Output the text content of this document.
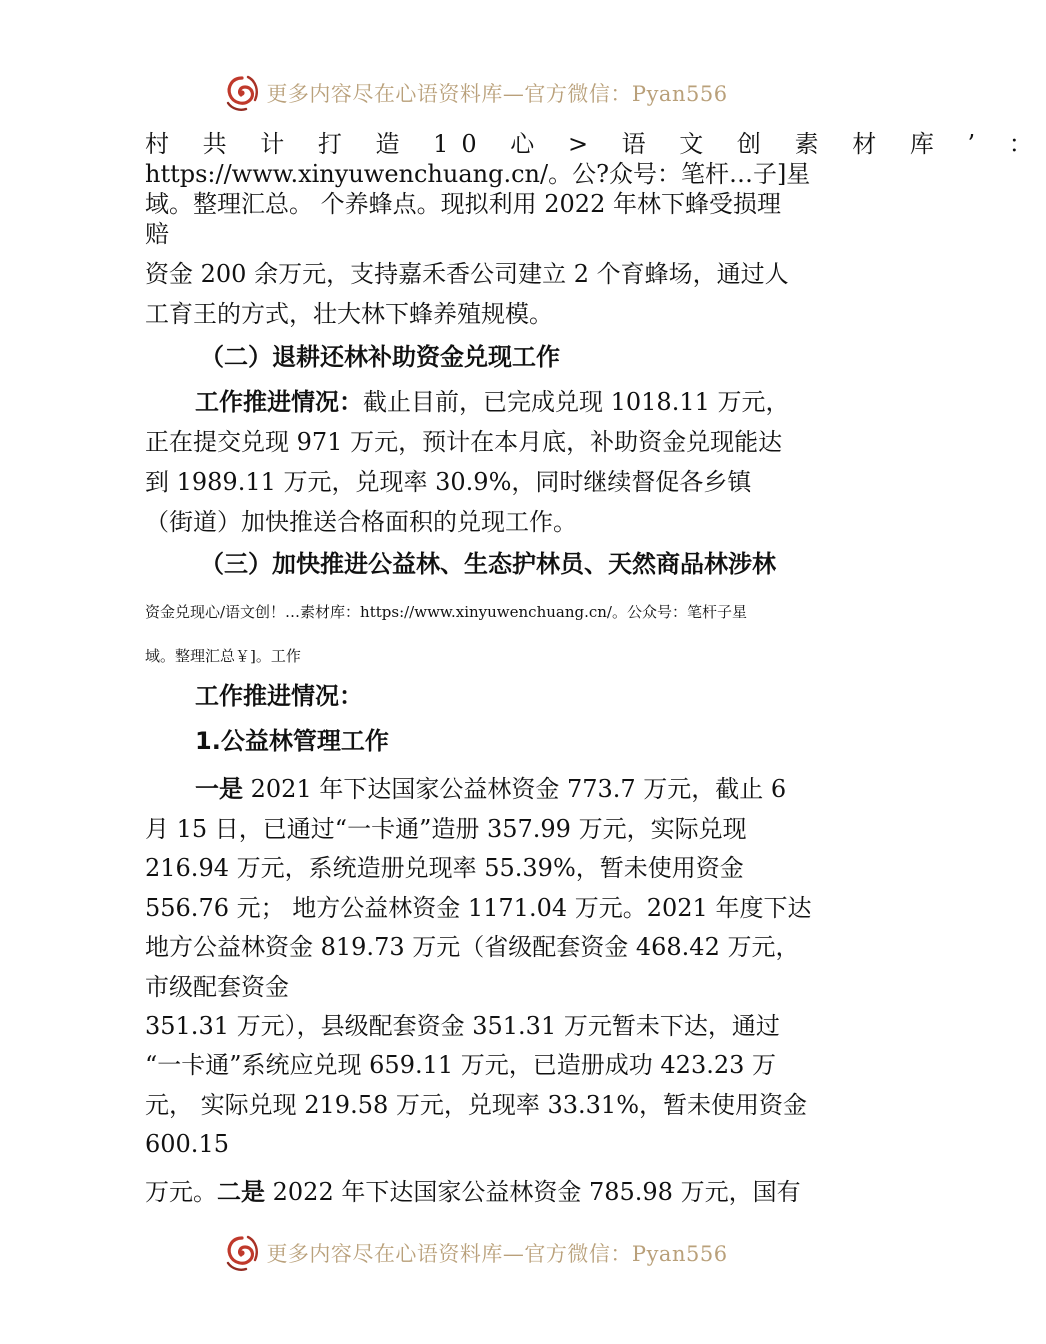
更多内容尽在心语资料库—官方微信：Pyan556
村 共 计 打 造 10 心 > 语 文 创 素 材 库 ’ ：
https://www.xinyuwenchuang.cn/。公?众号：笔杆…子]星
域。整理汇总。 个养蜂点。现拟利用 2022 年林下蜂受损理
赔
资金 200 余万元，支持嘉禾香公司建立 2 个育蜂场，通过人
工育王的方式，壮大林下蜂养殖规模。
（二）退耕还林补助资金兑现工作
工作推进情况：截止目前，已完成兑现 1018.11 万元，
正在提交兑现 971 万元，预计在本月底，补助资金兑现能达
到 1989.11 万元，兑现率 30.9%，同时继续督促各乡镇
（街道）加快推送合格面积的兑现工作。
（三）加快推进公益林、生态护林员、天然商品林涉林
资金兑现心/语文创！…素材库：https://www.xinyuwenchuang.cn/。公众号：笔杆子星
域。整理汇总￥]。工作
工作推进情况：
1.公益林管理工作
一是 2021 年下达国家公益林资金 773.7 万元，截止 6
月 15 日，已通过“一卡通”造册 357.99 万元，实际兑现
216.94 万元，系统造册兑现率 55.39%，暂未使用资金
556.76 元； 地方公益林资金 1171.04 万元。2021 年度下达
地方公益林资金 819.73 万元（省级配套资金 468.42 万元，
市级配套资金
351.31 万元），县级配套资金 351.31 万元暂未下达，通过
“一卡通”系统应兑现 659.11 万元，已造册成功 423.23 万
元， 实际兑现 219.58 万元，兑现率 33.31%，暂未使用资金
600.15
万元。二是 2022 年下达国家公益林资金 785.98 万元，国有
更多内容尽在心语资料库—官方微信：Pyan556
